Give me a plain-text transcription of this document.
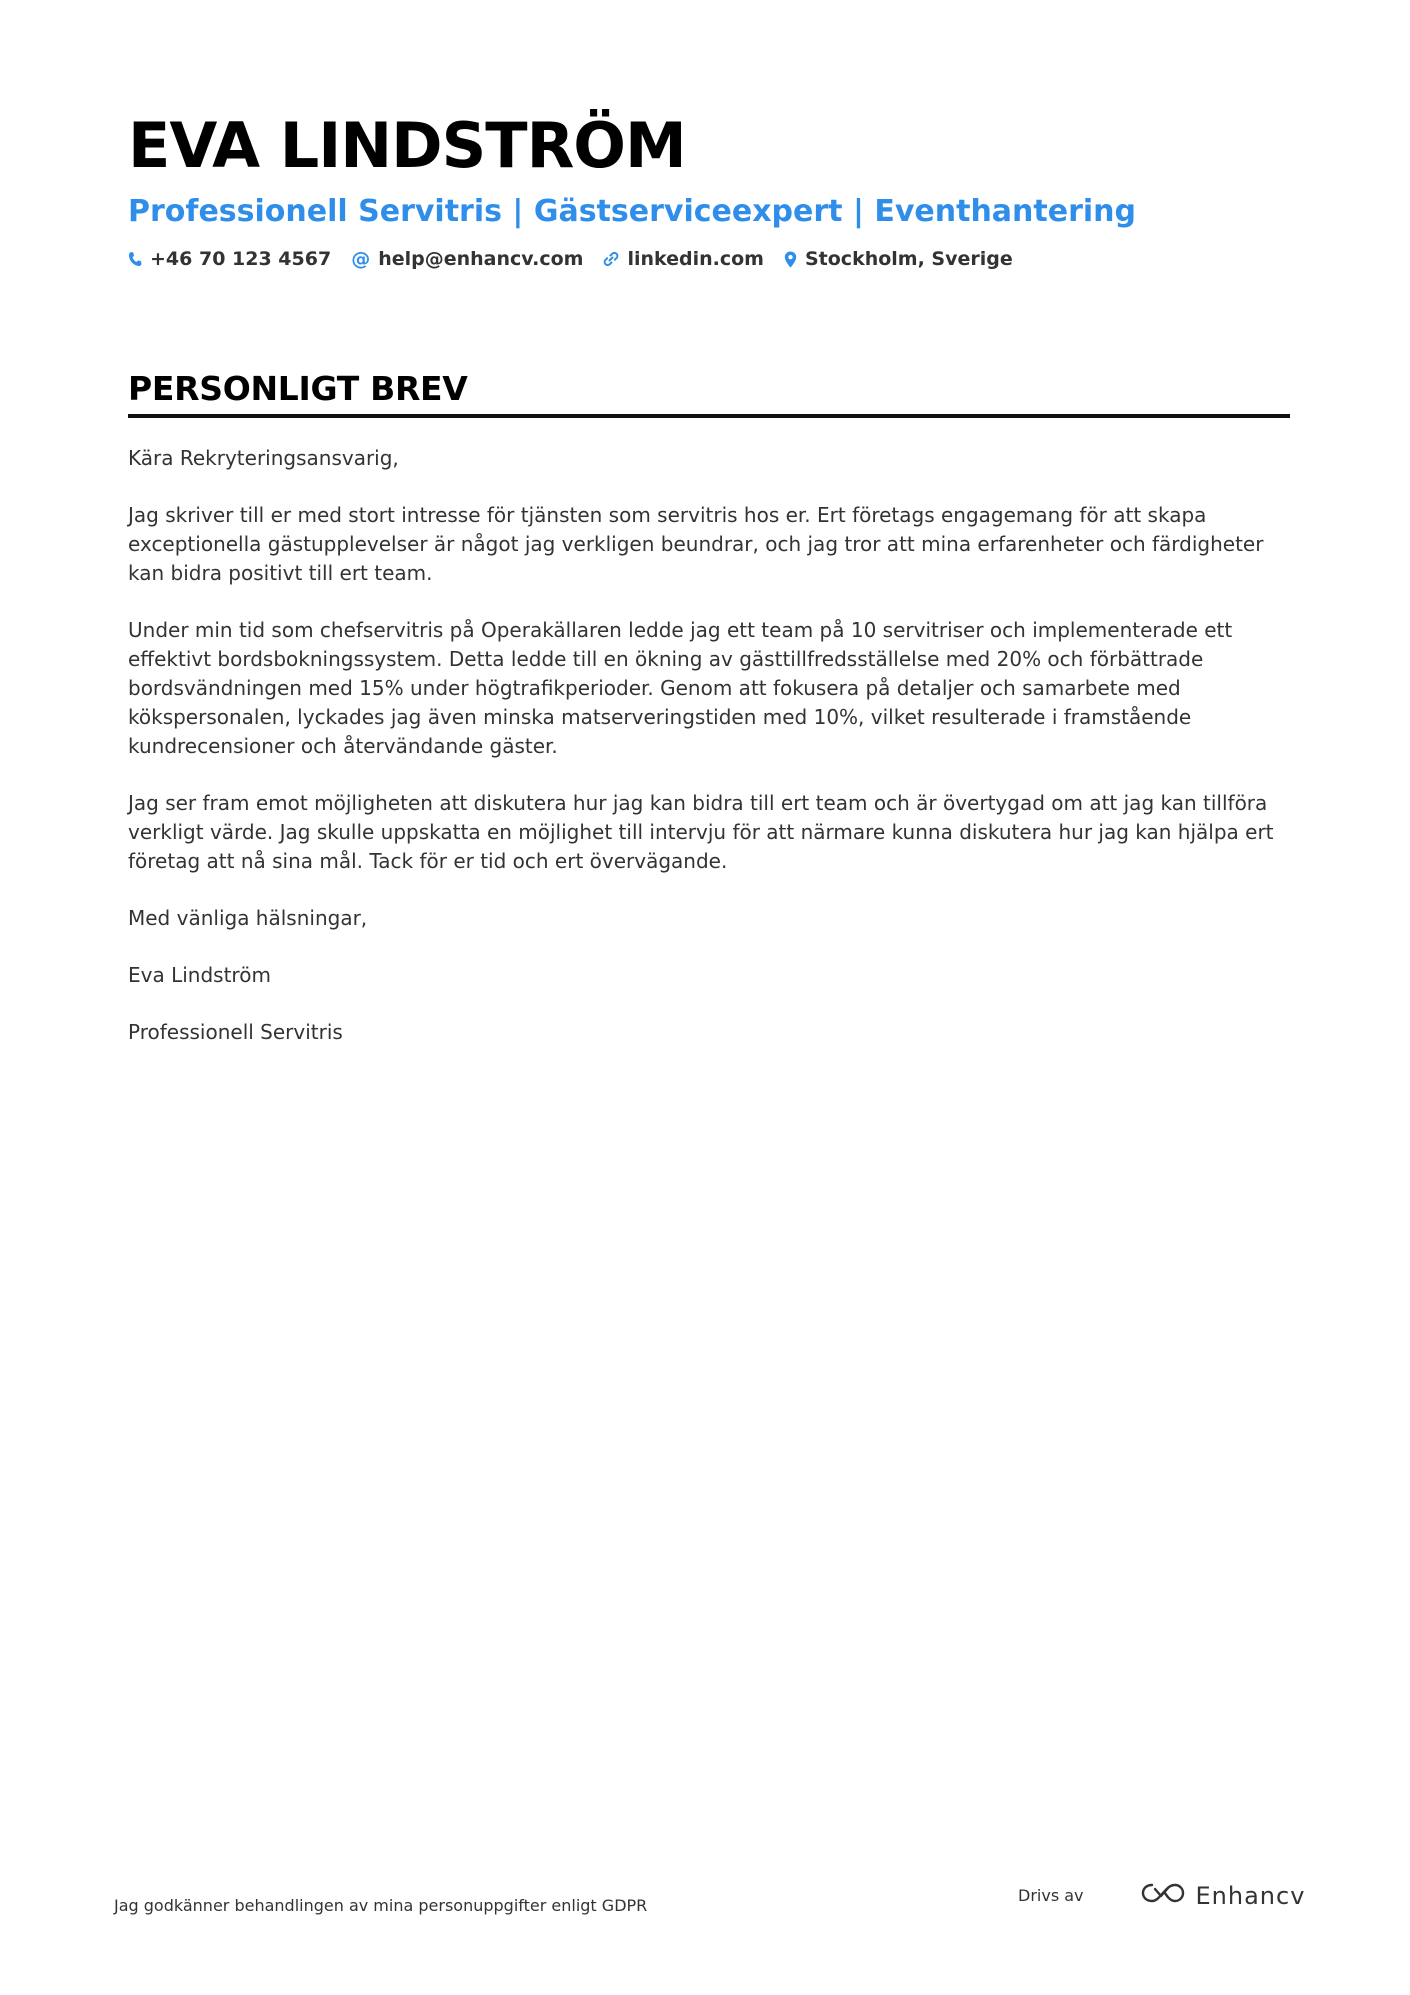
EVA LINDSTRÖM
Professionell Servitris | Gästserviceexpert | Eventhantering
+46 70 123 4567 @ help@enhancv.com linkedin.com Stockholm, Sverige
PERSONLIGT BREV

Kära Rekryteringsansvarig,

Jag skriver till er med stort intresse för tjänsten som servitris hos er. Ert företags engagemang för att skapa exceptionella gästupplevelser är något jag verkligen beundrar, och jag tror att mina erfarenheter och färdigheter kan bidra positivt till ert team.

Under min tid som chefservitris på Operakällaren ledde jag ett team på 10 servitriser och implementerade ett effektivt bordsbokningssystem. Detta ledde till en ökning av gästtillfredsställelse med 20% och förbättrade bordsvändningen med 15% under högtrafikperioder. Genom att fokusera på detaljer och samarbete med kökspersonalen, lyckades jag även minska matserveringstiden med 10%, vilket resulterade i framstående kundrecensioner och återvändande gäster.

Jag ser fram emot möjligheten att diskutera hur jag kan bidra till ert team och är övertygad om att jag kan tillföra verkligt värde. Jag skulle uppskatta en möjlighet till intervju för att närmare kunna diskutera hur jag kan hjälpa ert företag att nå sina mål. Tack för er tid och ert övervägande.

Med vänliga hälsningar,

Eva Lindström

Professionell Servitris

Jag godkänner behandlingen av mina personuppgifter enligt GDPR
Drivs av	Enhancv
